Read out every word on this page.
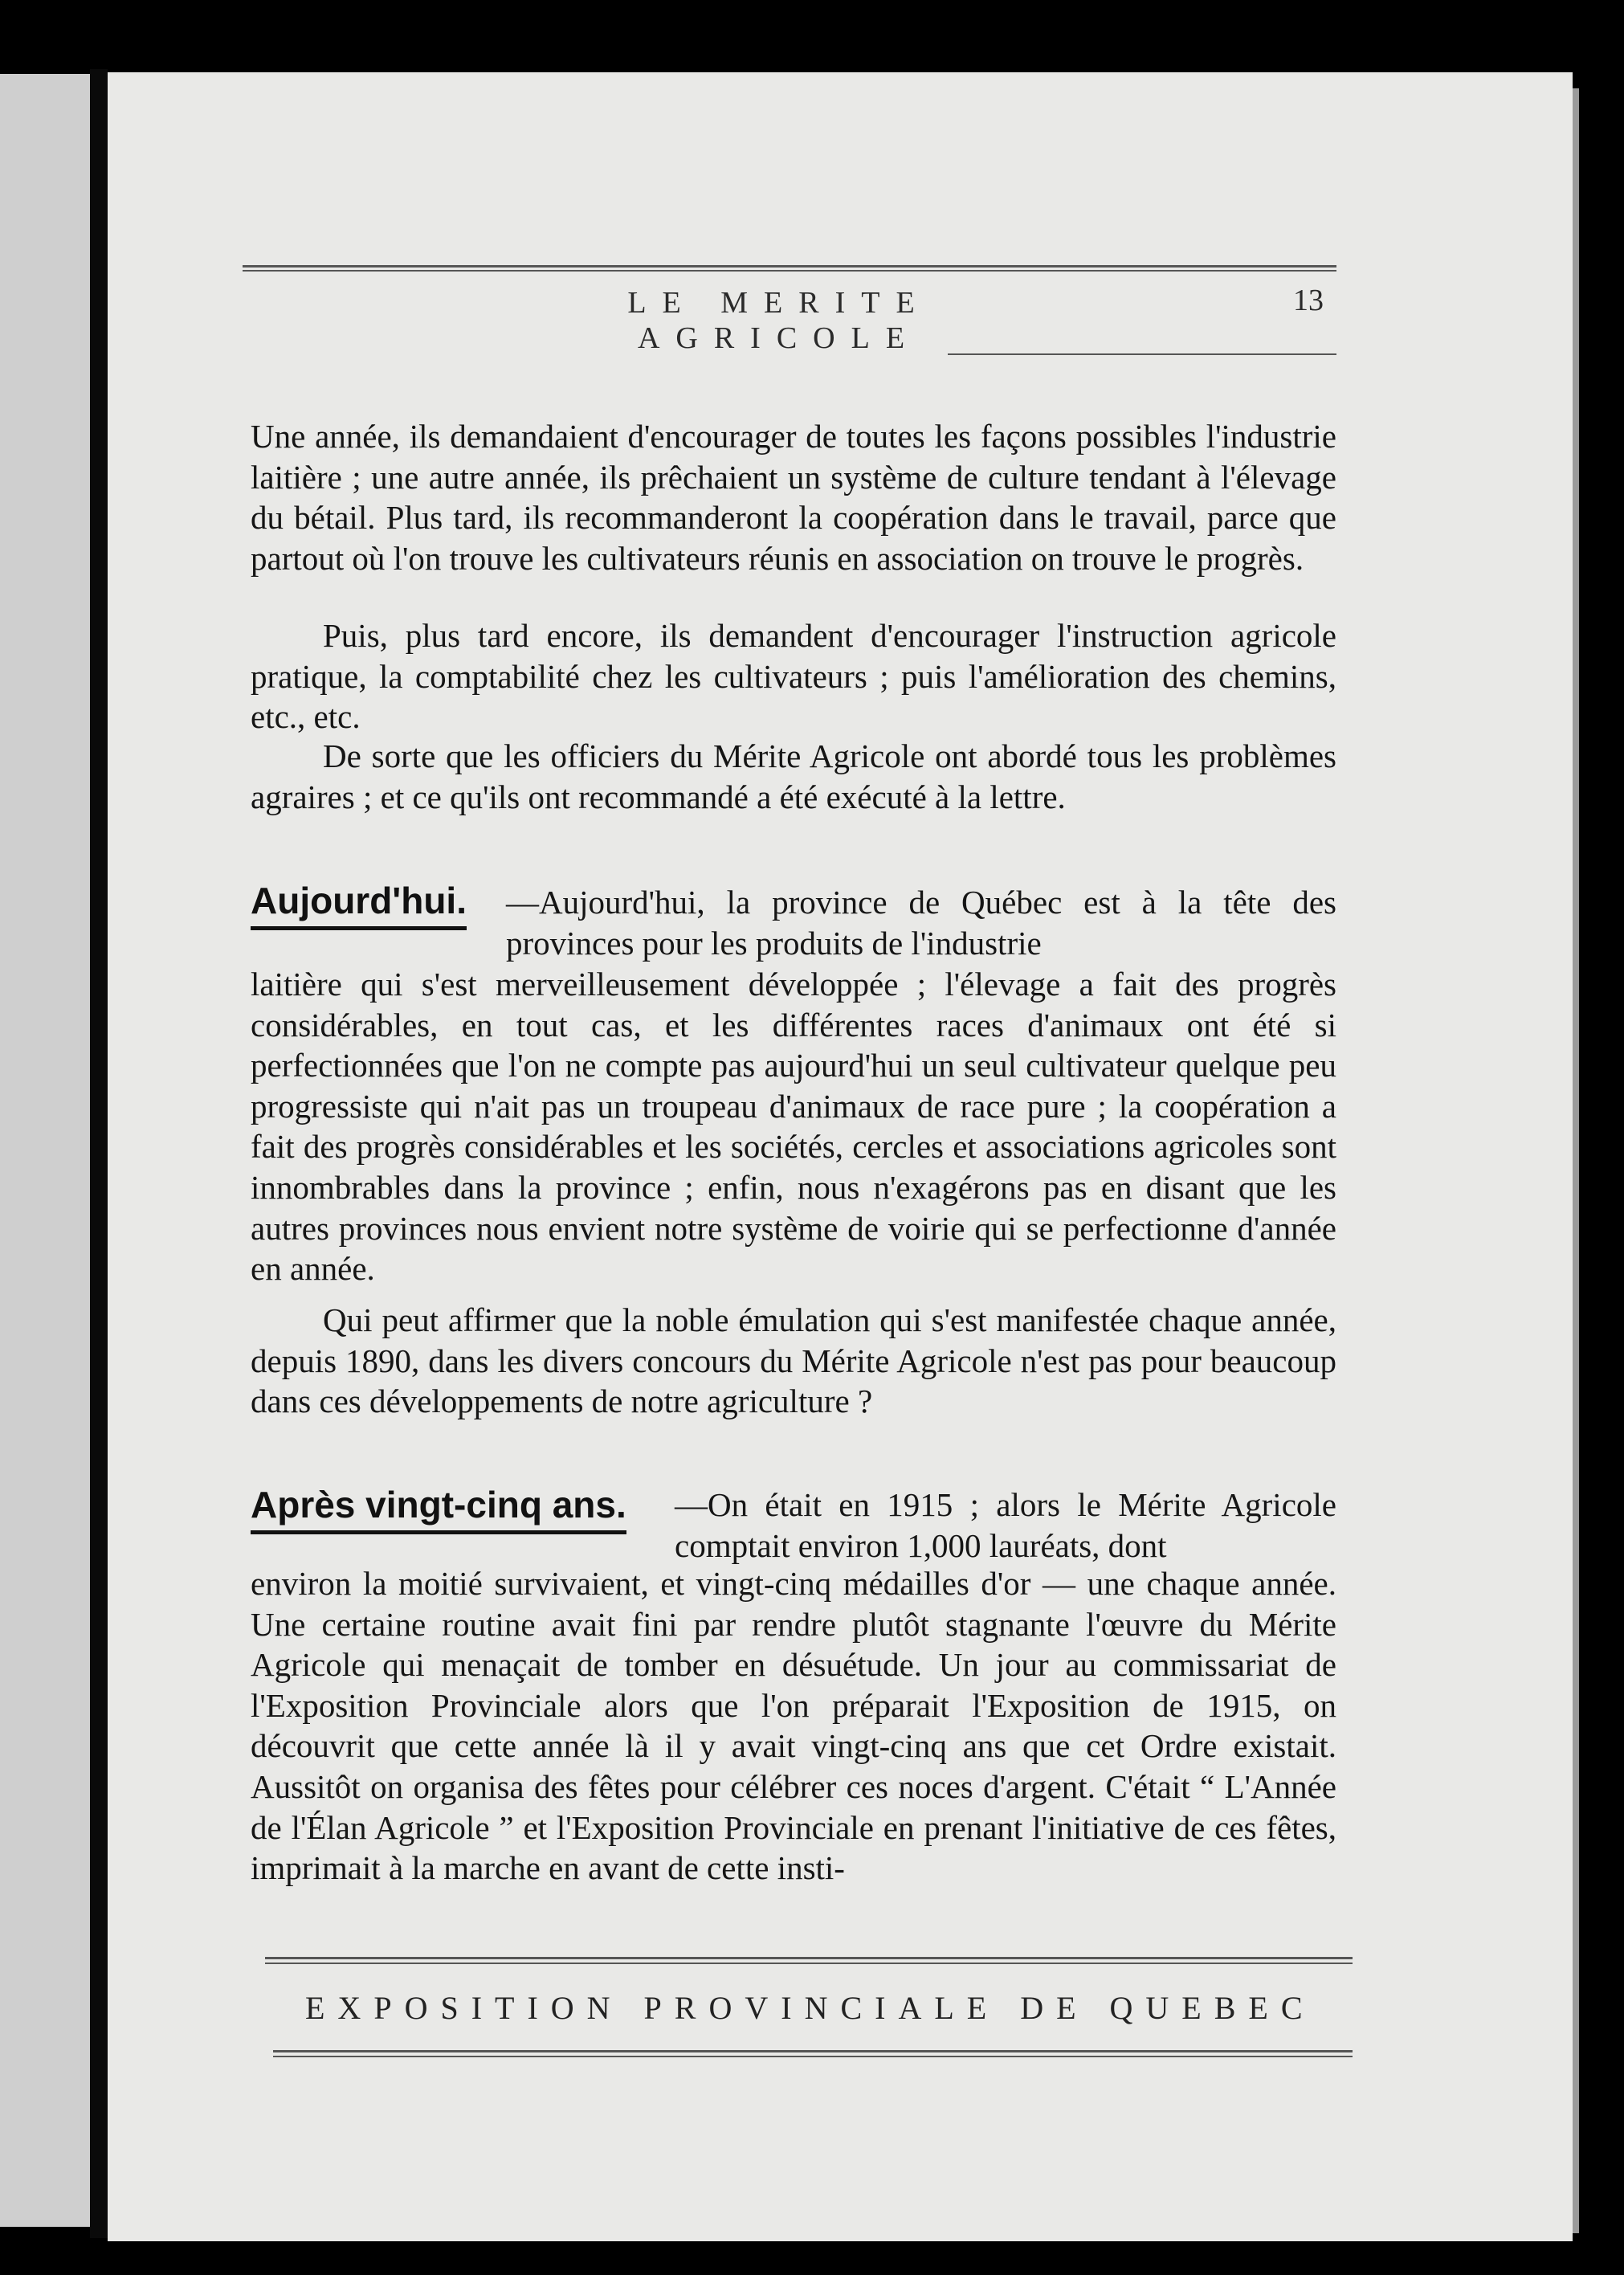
LE MERITE AGRICOLE
13
Une année, ils demandaient d'encourager de toutes les façons possibles l'industrie laitière ; une autre année, ils prêchaient un système de culture tendant à l'élevage du bétail. Plus tard, ils recommanderont la coopération dans le travail, parce que partout où l'on trouve les cultivateurs réunis en association on trouve le progrès.
Puis, plus tard encore, ils demandent d'encourager l'instruction agricole pratique, la comptabilité chez les cultivateurs ; puis l'amélioration des chemins, etc., etc.
De sorte que les officiers du Mérite Agricole ont abordé tous les problèmes agraires ; et ce qu'ils ont recommandé a été exécuté à la lettre.
Aujourd'hui. —Aujourd'hui, la province de Québec est à la tête des provinces pour les produits de l'industrie
laitière qui s'est merveilleusement développée ; l'élevage a fait des progrès considérables, en tout cas, et les différentes races d'animaux ont été si perfectionnées que l'on ne compte pas aujourd'hui un seul cultivateur quelque peu progressiste qui n'ait pas un troupeau d'animaux de race pure ; la coopération a fait des progrès considérables et les sociétés, cercles et associations agricoles sont innombrables dans la province ; enfin, nous n'exagérons pas en disant que les autres provinces nous envient notre système de voirie qui se perfectionne d'année en année.
Qui peut affirmer que la noble émulation qui s'est manifestée chaque année, depuis 1890, dans les divers concours du Mérite Agricole n'est pas pour beaucoup dans ces développements de notre agriculture ?
Après vingt-cinq ans. —On était en 1915 ; alors le Mérite Agricole comptait environ 1,000 lauréats, dont
environ la moitié survivaient, et vingt-cinq médailles d'or — une chaque année. Une certaine routine avait fini par rendre plutôt stagnante l'œuvre du Mérite Agricole qui menaçait de tomber en désuétude. Un jour au commissariat de l'Exposition Provinciale alors que l'on préparait l'Exposition de 1915, on découvrit que cette année là il y avait vingt-cinq ans que cet Ordre existait. Aussitôt on organisa des fêtes pour célébrer ces noces d'argent. C'était “ L'Année de l'Élan Agricole ” et l'Exposition Provinciale en prenant l'initiative de ces fêtes, imprimait à la marche en avant de cette insti-
EXPOSITION PROVINCIALE DE QUEBEC
